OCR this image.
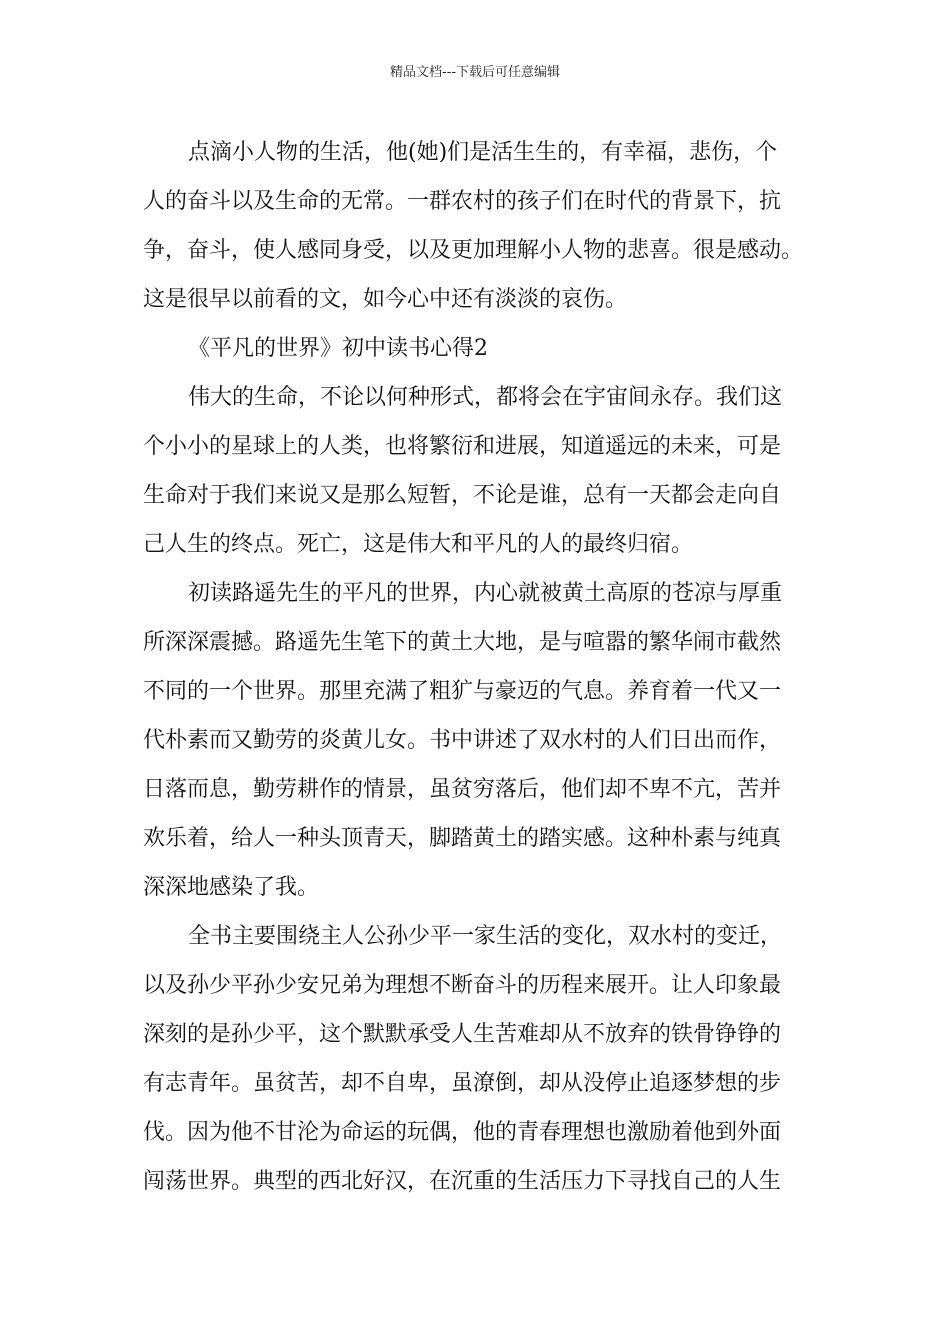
精品文档---下载后可任意编辑
点滴小人物的生活，他(她)们是活生生的，有幸福，悲伤，个
人的奋斗以及生命的无常。一群农村的孩子们在时代的背景下，抗
争，奋斗，使人感同身受，以及更加理解小人物的悲喜。很是感动。
这是很早以前看的文，如今心中还有淡淡的哀伤。
《平凡的世界》初中读书心得2
伟大的生命，不论以何种形式，都将会在宇宙间永存。我们这
个小小的星球上的人类，也将繁衍和进展，知道遥远的未来，可是
生命对于我们来说又是那么短暂，不论是谁，总有一天都会走向自
己人生的终点。死亡，这是伟大和平凡的人的最终归宿。
初读路遥先生的平凡的世界，内心就被黄土高原的苍凉与厚重
所深深震撼。路遥先生笔下的黄土大地，是与喧嚣的繁华闹市截然
不同的一个世界。那里充满了粗犷与豪迈的气息。养育着一代又一
代朴素而又勤劳的炎黄儿女。书中讲述了双水村的人们日出而作，
日落而息，勤劳耕作的情景，虽贫穷落后，他们却不卑不亢，苦并
欢乐着，给人一种头顶青天，脚踏黄土的踏实感。这种朴素与纯真
深深地感染了我。
全书主要围绕主人公孙少平一家生活的变化，双水村的变迁，
以及孙少平孙少安兄弟为理想不断奋斗的历程来展开。让人印象最
深刻的是孙少平，这个默默承受人生苦难却从不放弃的铁骨铮铮的
有志青年。虽贫苦，却不自卑，虽潦倒，却从没停止追逐梦想的步
伐。因为他不甘沦为命运的玩偶，他的青春理想也激励着他到外面
闯荡世界。典型的西北好汉，在沉重的生活压力下寻找自己的人生
